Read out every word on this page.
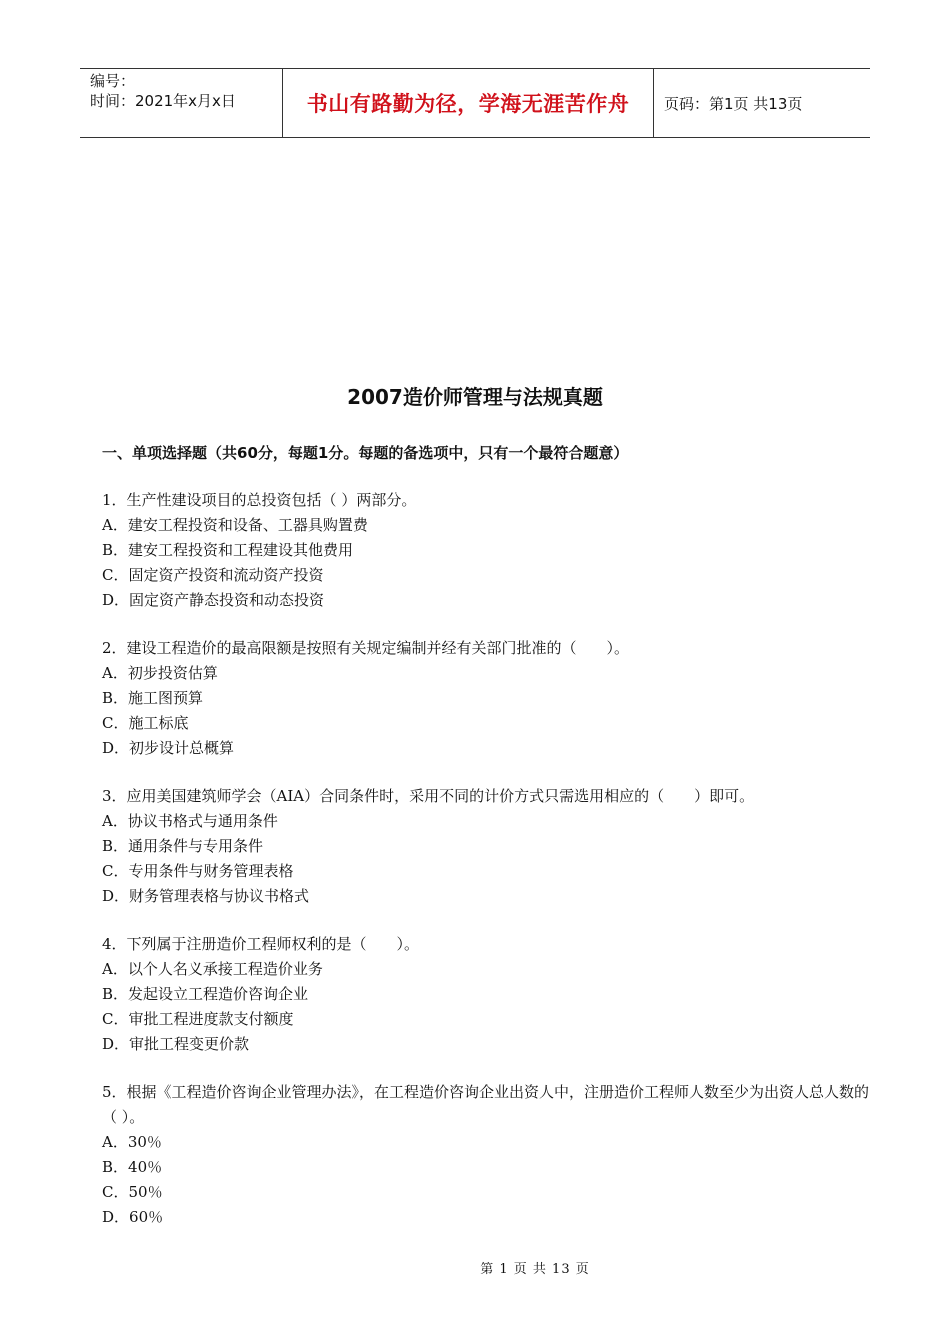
编号：
时间：2021年x月x日	书山有路勤为径，学海无涯苦作舟 页码：第1页 共13页
2007造价师管理与法规真题
一、单项选择题（共60分，每题1分。每题的备选项中，只有一个最符合题意）
1．生产性建设项目的总投资包括（ ）两部分。
A．建安工程投资和设备、工器具购置费
B．建安工程投资和工程建设其他费用
C．固定资产投资和流动资产投资
D．固定资产静态投资和动态投资
2．建设工程造价的最高限额是按照有关规定编制并经有关部门批准的（　　）。
A．初步投资估算
B．施工图预算
C．施工标底
D．初步设计总概算
3．应用美国建筑师学会（AIA）合同条件时，采用不同的计价方式只需选用相应的（　　）即可。
A．协议书格式与通用条件
B．通用条件与专用条件
C．专用条件与财务管理表格
D．财务管理表格与协议书格式
4．下列属于注册造价工程师权利的是（　　）。
A．以个人名义承接工程造价业务
B．发起设立工程造价咨询企业
C．审批工程进度款支付额度
D．审批工程变更价款
5．根据《工程造价咨询企业管理办法》，在工程造价咨询企业出资人中，注册造价工程师人数至少为出资人总人数的（ ）。
A．30％
B．40％
C．50％
D．60％
第 1 页 共 13 页
